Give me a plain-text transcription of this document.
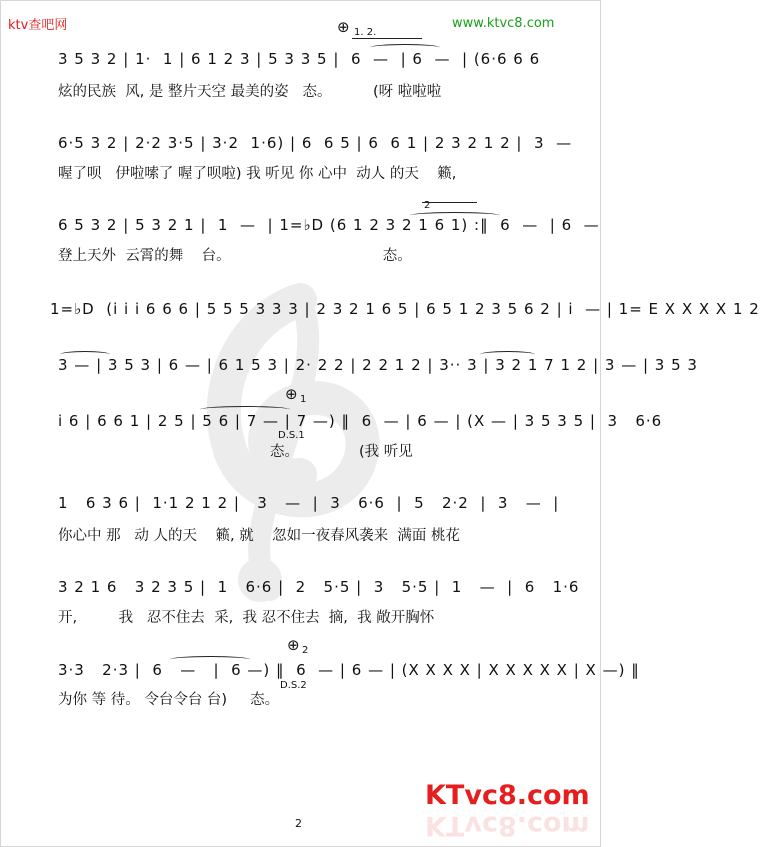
ktv查吧网	www.ktvc8.com
⊕ 1. 2.
2
⊕ 1
D.S.1
⊕ 2
D.S.2
3 5 3 2 | 1·  1 | 6 1 2 3 | 5 3 3 5 |  6  —  | 6  —  | (6·6 6 6
炫的民族  风, 是 整片天空 最美的姿   态。         (呀 啦啦啦
6·5 3 2 | 2·2 3·5 | 3·2  1·6) | 6  6 5 | 6  6 1 | 2 3 2 1 2 |  3  —
喔了呗   伊啦嗦了 喔了呗啦) 我 听见 你 心中  动人 的天    籁,
6 5 3 2 | 5 3 2 1 |  1  —  | 1=♭D (6 1 2 3 2 1 6 1) :‖  6  —  | 6  —
登上天外  云霄的舞    台。                                 态。
1=♭D  (i i i 6 6 6 | 5 5 5 3 3 3 | 2 3 2 1 6 5 | 6 5 1 2 3 5 6 2 | i  — | 1= E X X X X 1 2
3 — | 3 5 3 | 6 — | 6 1 5 3 | 2· 2 2 | 2 2 1 2 | 3·· 3 | 3 2 1 7 1 2 | 3 — | 3 5 3
i 6 | 6 6 1 | 2 5 | 5 6 | 7 — | 7 —) ‖  6  — | 6 — | (X — | 3 5 3 5 |  3   6·6
态。             (我 听见
1   6 3 6 |  1·1 2 1 2 |   3   —  |  3   6·6  |  5   2·2  |  3   —  |
你心中 那   动 人的天    籁, 就    忽如一夜春风袭来  满面 桃花
3 2 1 6   3 2 3 5 |  1   6·6 |  2   5·5 |  3   5·5 |  1   —  |  6   1·6
开,         我   忍不住去  采,  我 忍不住去  摘,  我 敞开胸怀
3·3   2·3 |  6   —   |  6 —) ‖  6  — | 6 — | (X X X X | X X X X X | X —) ‖
为你 等 待。 令台令台 台)     态。
2
KTvc8.com
KTvc8.com
